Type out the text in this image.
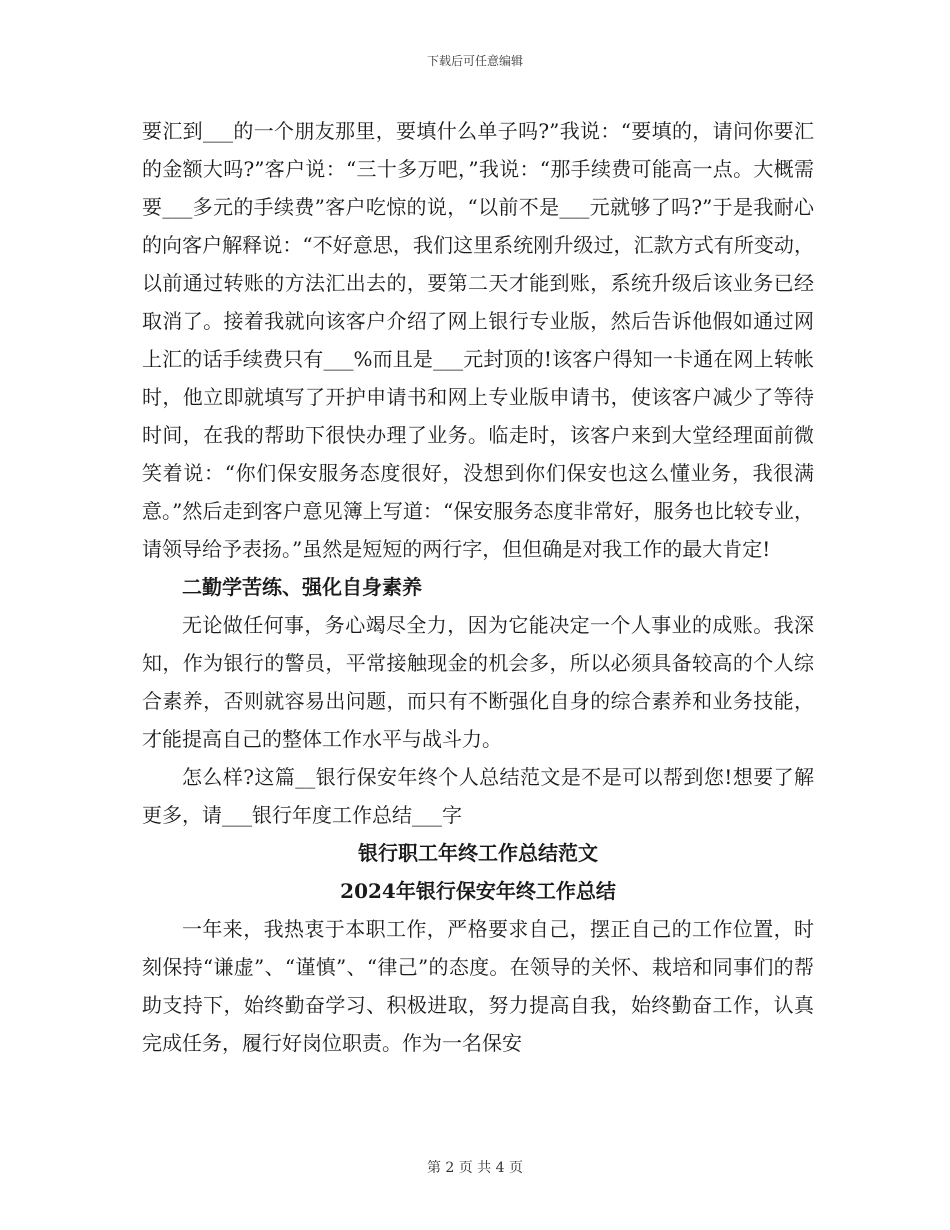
下载后可任意编辑

要汇到___的一个朋友那里，要填什么单子吗?”我说：“要填的，请问你要汇的金额大吗?”客户说：“三十多万吧，”我说：“那手续费可能高一点。大概需要___多元的手续费”客户吃惊的说，“以前不是___元就够了吗?”于是我耐心的向客户解释说：“不好意思，我们这里系统刚升级过，汇款方式有所变动，以前通过转账的方法汇出去的，要第二天才能到账，系统升级后该业务已经取消了。接着我就向该客户介绍了网上银行专业版，然后告诉他假如通过网上汇的话手续费只有___%而且是___元封顶的!该客户得知一卡通在网上转帐时，他立即就填写了开护申请书和网上专业版申请书，使该客户减少了等待时间，在我的帮助下很快办理了业务。临走时，该客户来到大堂经理面前微笑着说：“你们保安服务态度很好，没想到你们保安也这么懂业务，我很满意。”然后走到客户意见簿上写道：“保安服务态度非常好，服务也比较专业，请领导给予表扬。”虽然是短短的两行字，但但确是对我工作的最大肯定!

二勤学苦练、强化自身素养

无论做任何事，务心竭尽全力，因为它能决定一个人事业的成账。我深知，作为银行的警员，平常接触现金的机会多，所以必须具备较高的个人综合素养，否则就容易出问题，而只有不断强化自身的综合素养和业务技能，才能提高自己的整体工作水平与战斗力。

怎么样?这篇__银行保安年终个人总结范文是不是可以帮到您!想要了解更多，请___银行年度工作总结___字

银行职工年终工作总结范文

2024年银行保安年终工作总结

一年来，我热衷于本职工作，严格要求自己，摆正自己的工作位置，时刻保持“谦虚”、“谨慎”、“律己”的态度。在领导的关怀、栽培和同事们的帮助支持下，始终勤奋学习、积极进取，努力提高自我，始终勤奋工作，认真完成任务，履行好岗位职责。作为一名保安

第 2 页 共 4 页
